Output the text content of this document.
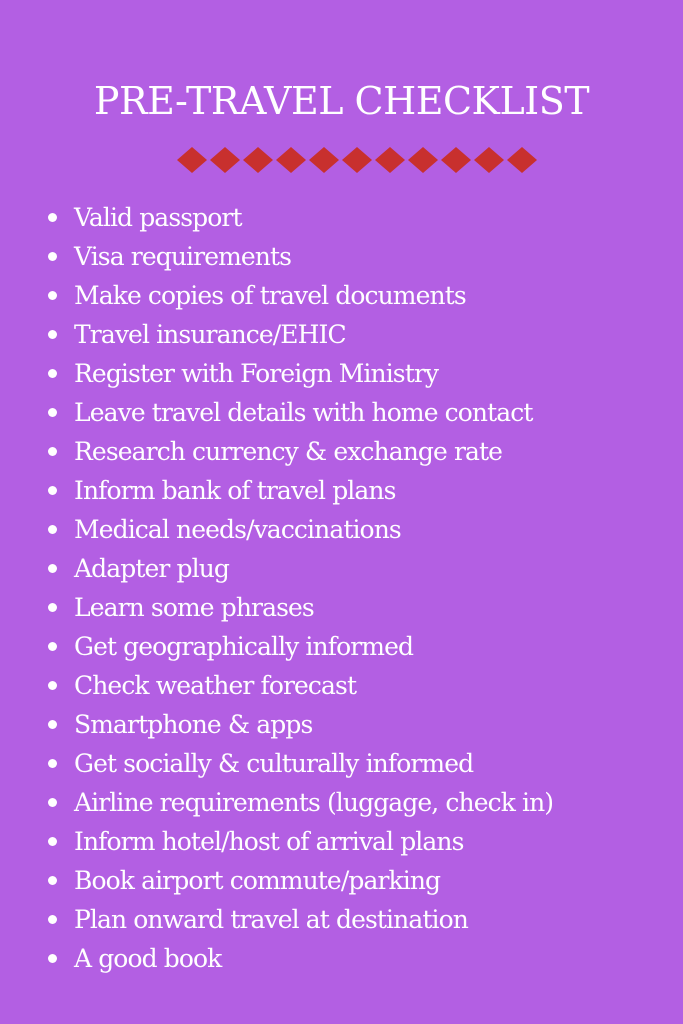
PRE-TRAVEL CHECKLIST
Valid passport
Visa requirements
Make copies of travel documents
Travel insurance/EHIC
Register with Foreign Ministry
Leave travel details with home contact
Research currency & exchange rate
Inform bank of travel plans
Medical needs/vaccinations
Adapter plug
Learn some phrases
Get geographically informed
Check weather forecast
Smartphone & apps
Get socially & culturally informed
Airline requirements (luggage, check in)
Inform hotel/host of arrival plans
Book airport commute/parking
Plan onward travel at destination
A good book
